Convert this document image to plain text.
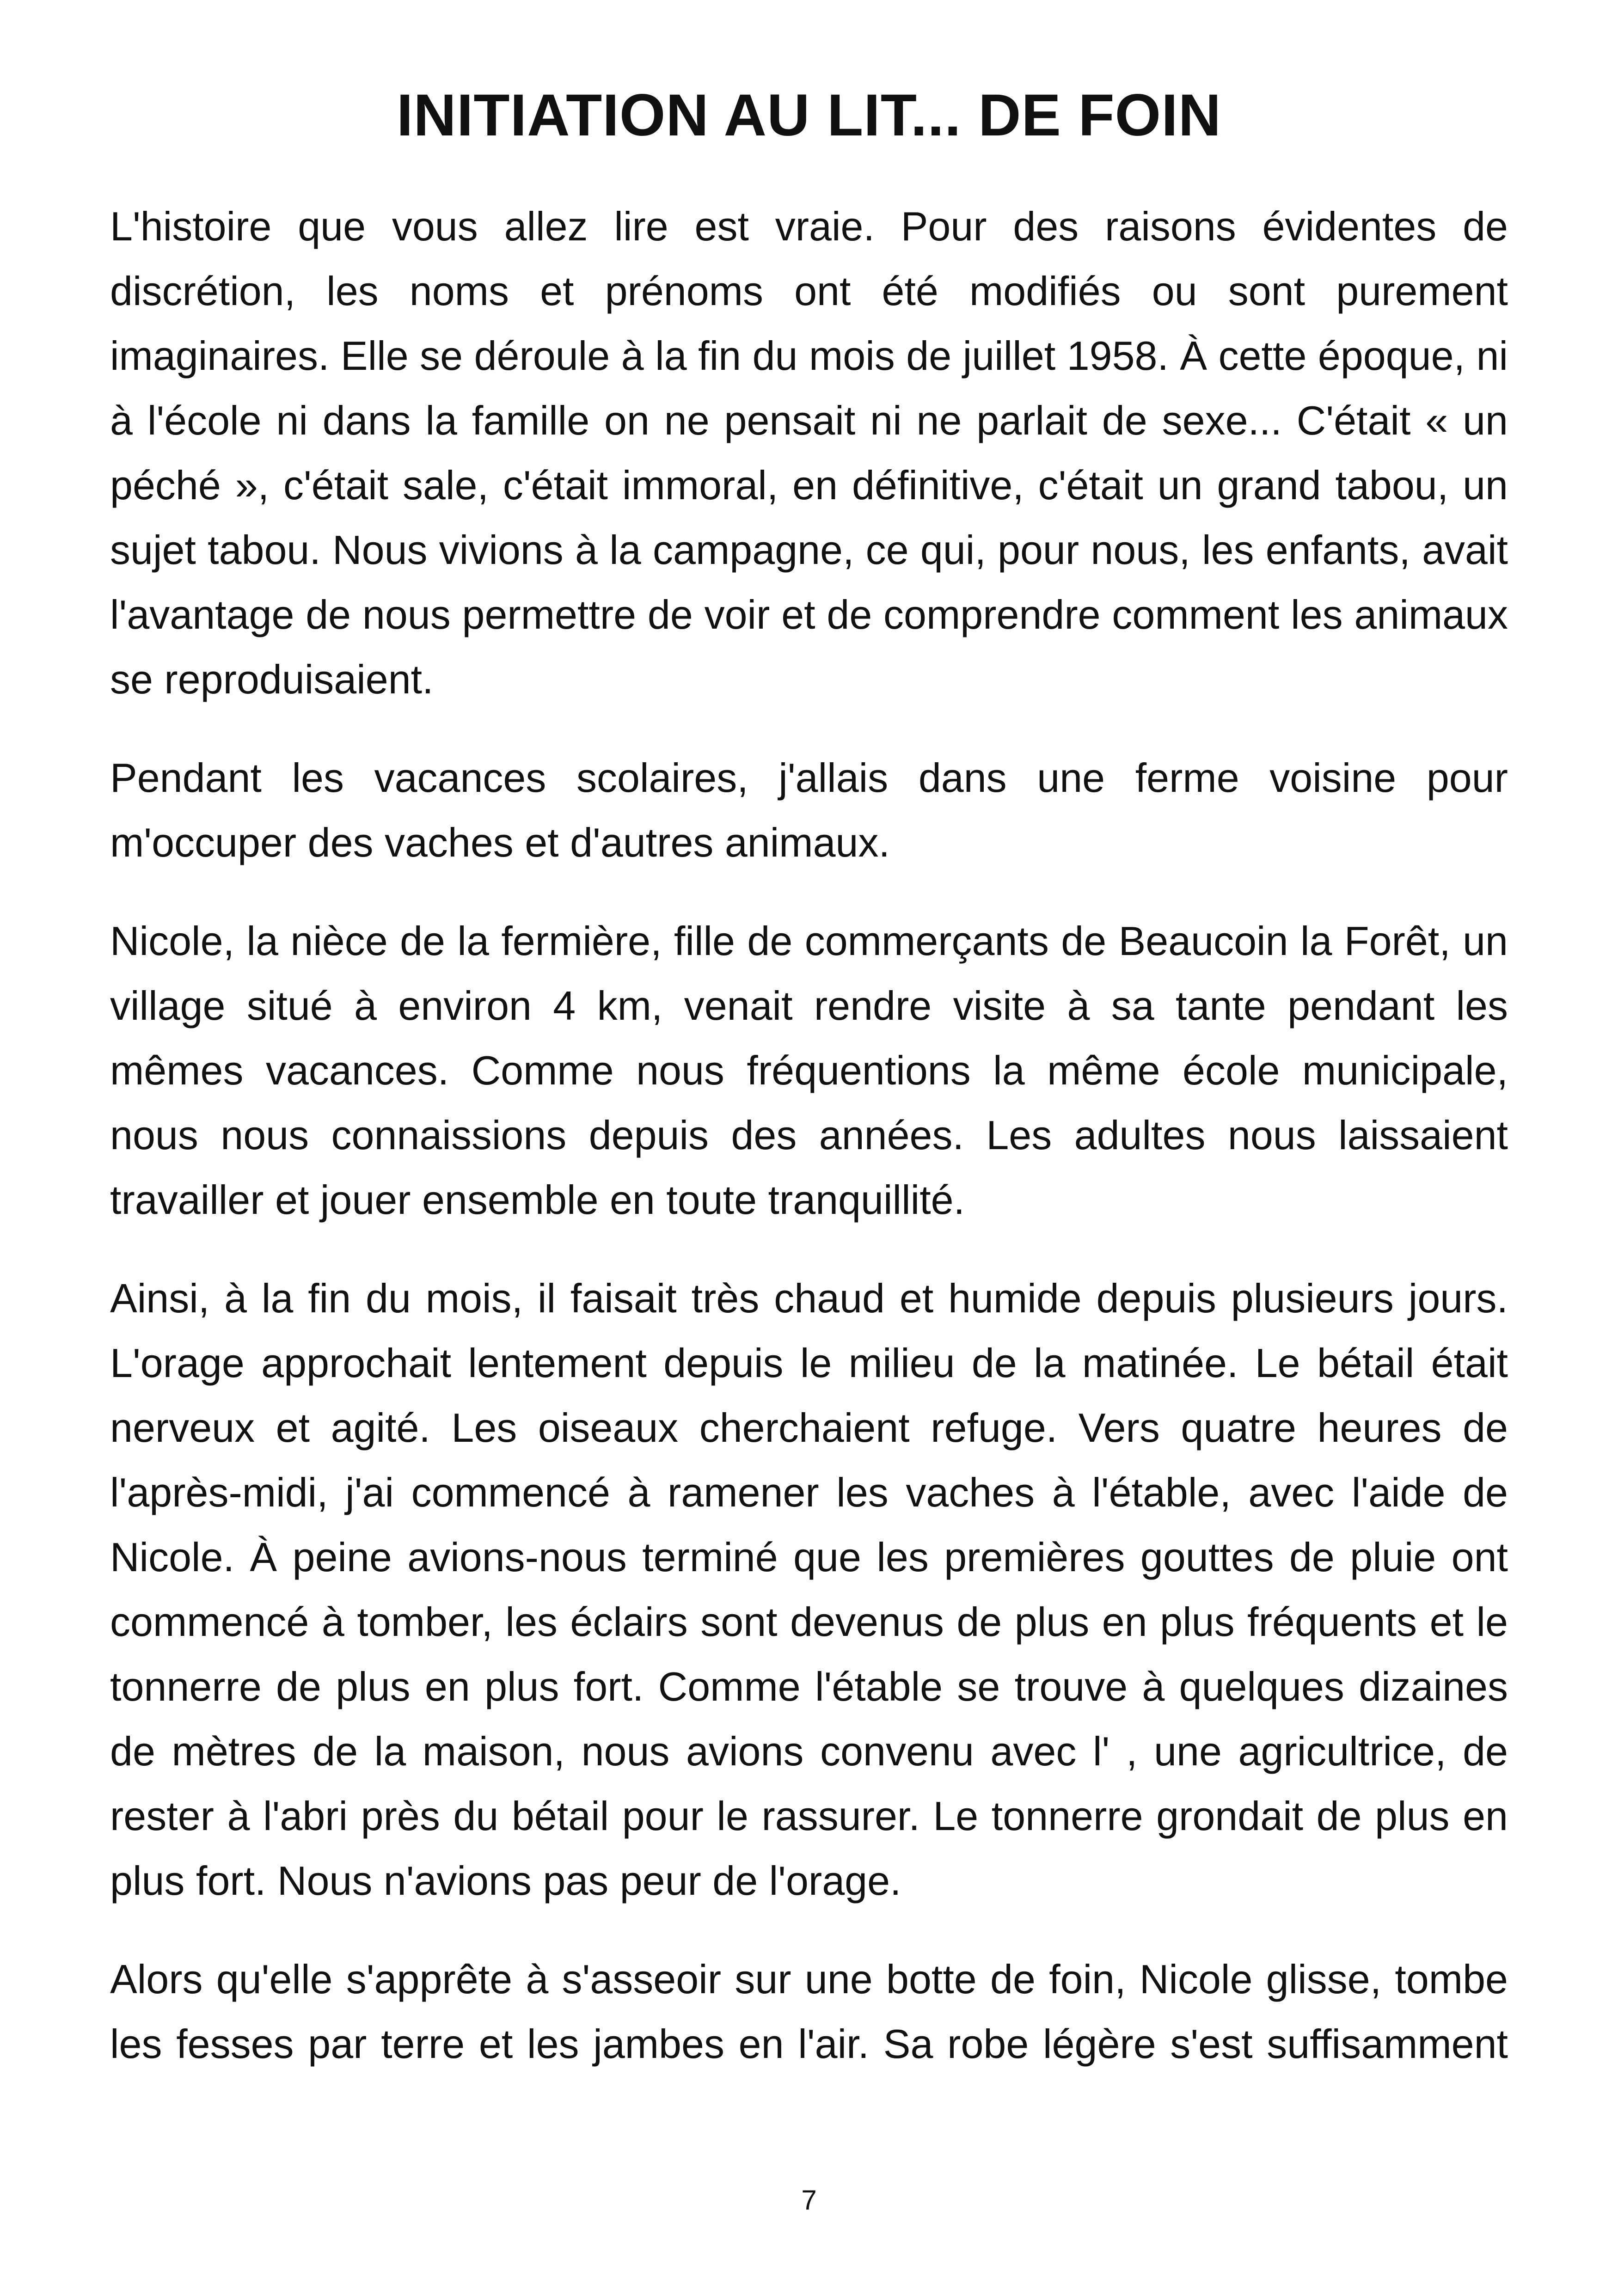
INITIATION AU LIT... DE FOIN

L'histoire que vous allez lire est vraie. Pour des raisons évidentes de discrétion, les noms et prénoms ont été modifiés ou sont purement imaginaires. Elle se déroule à la fin du mois de juillet 1958. À cette époque, ni à l'école ni dans la famille on ne pensait ni ne parlait de sexe... C'était « un péché », c'était sale, c'était immoral, en définitive, c'était un grand tabou, un sujet tabou. Nous vivions à la campagne, ce qui, pour nous, les enfants, avait l'avantage de nous permettre de voir et de comprendre comment les animaux se reproduisaient.

Pendant les vacances scolaires, j'allais dans une ferme voisine pour m'occuper des vaches et d'autres animaux.

Nicole, la nièce de la fermière, fille de commerçants de Beaucoin la Forêt, un village situé à environ 4 km, venait rendre visite à sa tante pendant les mêmes vacances. Comme nous fréquentions la même école municipale, nous nous connaissions depuis des années. Les adultes nous laissaient travailler et jouer ensemble en toute tranquillité.

Ainsi, à la fin du mois, il faisait très chaud et humide depuis plusieurs jours. L'orage approchait lentement depuis le milieu de la matinée. Le bétail était nerveux et agité. Les oiseaux cherchaient refuge. Vers quatre heures de l'après-midi, j'ai commencé à ramener les vaches à l'étable, avec l'aide de Nicole. À peine avions-nous terminé que les premières gouttes de pluie ont commencé à tomber, les éclairs sont devenus de plus en plus fréquents et le tonnerre de plus en plus fort. Comme l'étable se trouve à quelques dizaines de mètres de la maison, nous avions convenu avec l' , une agricultrice, de rester à l'abri près du bétail pour le rassurer. Le tonnerre grondait de plus en plus fort. Nous n'avions pas peur de l'orage.

Alors qu'elle s'apprête à s'asseoir sur une botte de foin, Nicole glisse, tombe les fesses par terre et les jambes en l'air. Sa robe légère s'est suffisamment

7
